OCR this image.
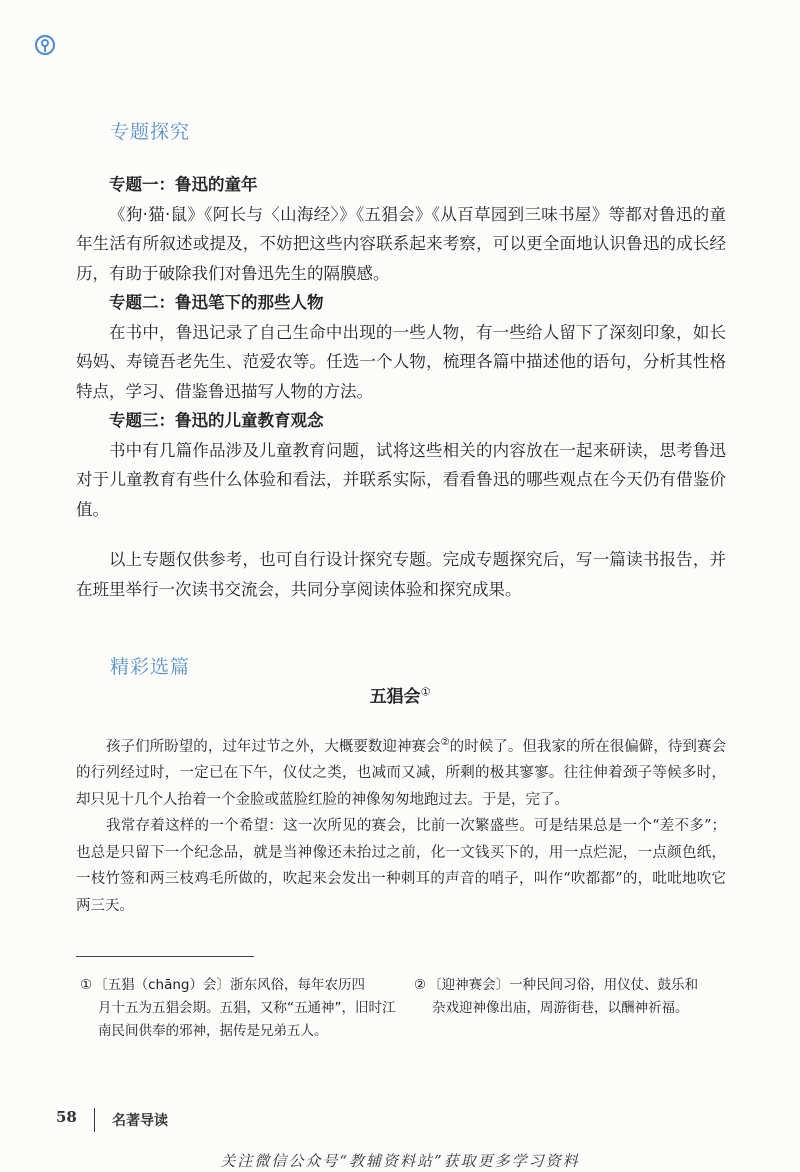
专题探究
专题一：鲁迅的童年

《狗·猫·鼠》《阿长与〈山海经〉》《五猖会》《从百草园到三味书屋》等都对鲁迅的童年生活有所叙述或提及，不妨把这些内容联系起来考察，可以更全面地认识鲁迅的成长经历，有助于破除我们对鲁迅先生的隔膜感。

专题二：鲁迅笔下的那些人物

在书中，鲁迅记录了自己生命中出现的一些人物，有一些给人留下了深刻印象，如长妈妈、寿镜吾老先生、范爱农等。任选一个人物，梳理各篇中描述他的语句，分析其性格特点，学习、借鉴鲁迅描写人物的方法。

专题三：鲁迅的儿童教育观念

书中有几篇作品涉及儿童教育问题，试将这些相关的内容放在一起来研读，思考鲁迅对于儿童教育有些什么体验和看法，并联系实际，看看鲁迅的哪些观点在今天仍有借鉴价值。

以上专题仅供参考，也可自行设计探究专题。完成专题探究后，写一篇读书报告，并在班里举行一次读书交流会，共同分享阅读体验和探究成果。

精彩选篇
五猖会①

孩子们所盼望的，过年过节之外，大概要数迎神赛会②的时候了。但我家的所在很偏僻，待到赛会的行列经过时，一定已在下午，仪仗之类，也减而又减，所剩的极其寥寥。往往伸着颈子等候多时，却只见十几个人抬着一个金脸或蓝脸红脸的神像匆匆地跑过去。于是，完了。

我常存着这样的一个希望：这一次所见的赛会，比前一次繁盛些。可是结果总是一个“差不多”；也总是只留下一个纪念品，就是当神像还未抬过之前，化一文钱买下的，用一点烂泥，一点颜色纸，一枝竹签和两三枝鸡毛所做的，吹起来会发出一种刺耳的声音的哨子，叫作“吹都都”的，吡吡地吹它两三天。

① 〔五猖（chāng）会〕浙东风俗，每年农历四
月十五为五猖会期。五猖，又称“五通神”，旧时江南民间供奉的邪神，据传是兄弟五人。
② 〔迎神赛会〕一种民间习俗，用仪仗、鼓乐和
杂戏迎神像出庙，周游街巷，以酬神祈福。
58	名著导读
关注微信公众号“教辅资料站”获取更多学习资料
